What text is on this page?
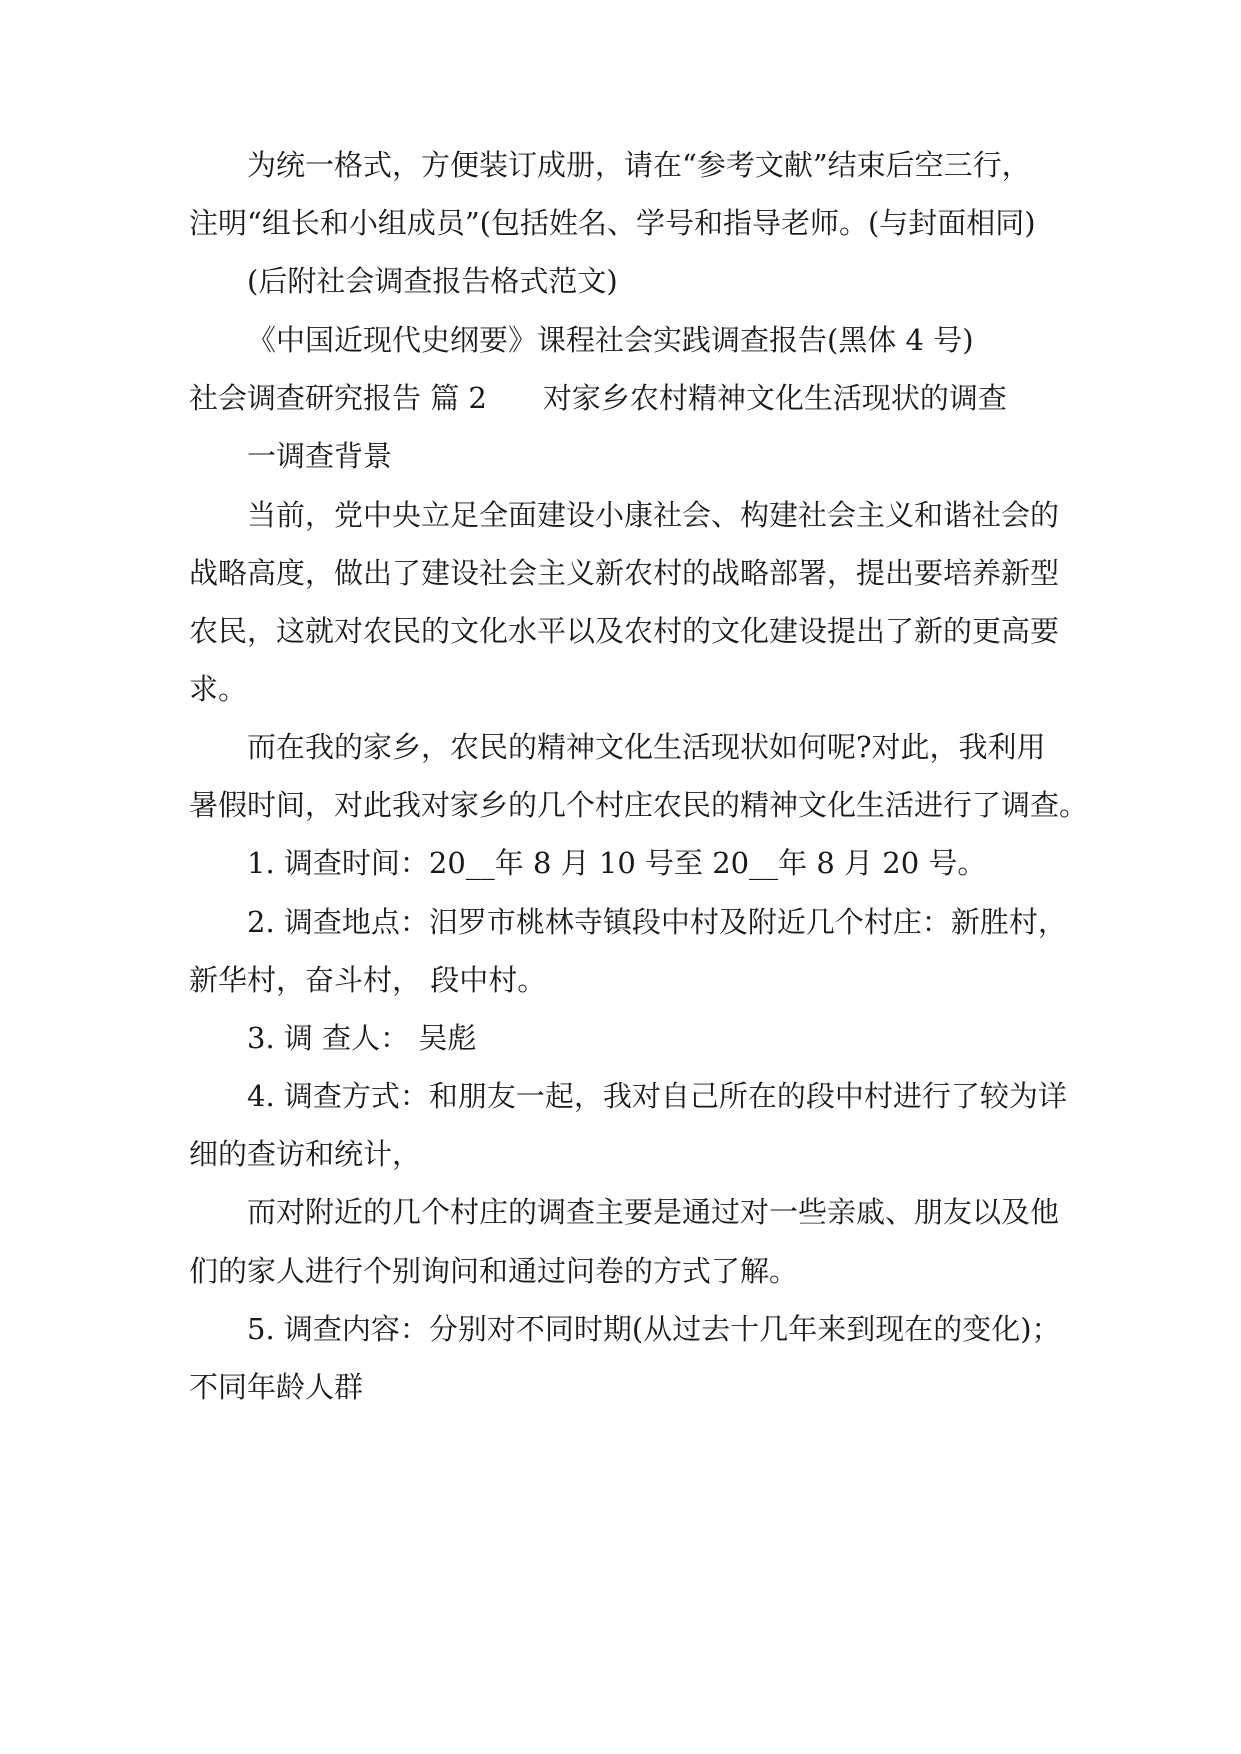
为统一格式，方便装订成册，请在“参考文献”结束后空三行，

注明“组长和小组成员”(包括姓名、学号和指导老师。(与封面相同)

(后附社会调查报告格式范文)

《中国近现代史纲要》课程社会实践调查报告(黑体 4 号)

社会调查研究报告 篇 2 对家乡农村精神文化生活现状的调查

一调查背景

当前，党中央立足全面建设小康社会、构建社会主义和谐社会的

战略高度，做出了建设社会主义新农村的战略部署，提出要培养新型

农民，这就对农民的文化水平以及农村的文化建设提出了新的更高要

求。

而在我的家乡，农民的精神文化生活现状如何呢?对此，我利用

暑假时间，对此我对家乡的几个村庄农民的精神文化生活进行了调查。

1. 调查时间：20__年 8 月 10 号至 20__年 8 月 20 号。

2. 调查地点：汨罗市桃林寺镇段中村及附近几个村庄：新胜村，

新华村，奋斗村， 段中村。

3. 调 查人： 吴彪

4. 调查方式：和朋友一起，我对自己所在的段中村进行了较为详

细的查访和统计，

而对附近的几个村庄的调查主要是通过对一些亲戚、朋友以及他

们的家人进行个别询问和通过问卷的方式了解。

5. 调查内容：分别对不同时期(从过去十几年来到现在的变化)；

不同年龄人群
